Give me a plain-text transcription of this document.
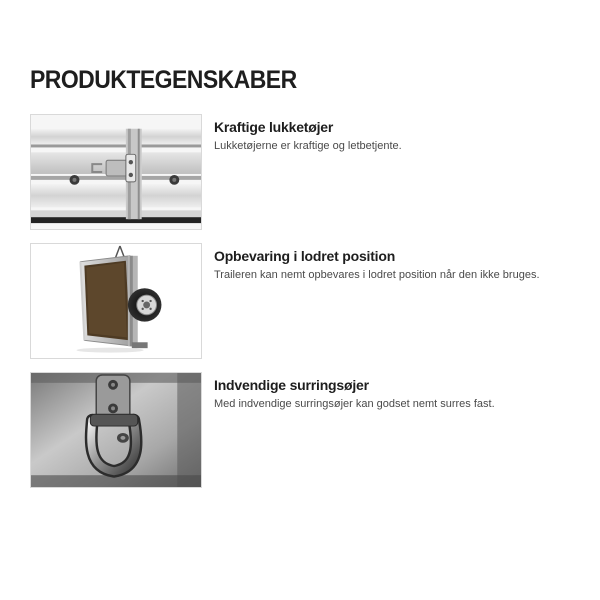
PRODUKTEGENSKABER
Kraftige lukketøjer

Lukketøjerne er kraftige og letbetjente.

Opbevaring i lodret position

Traileren kan nemt opbevares i lodret position når den ikke bruges.

Indvendige surringsøjer

Med indvendige surringsøjer kan godset nemt surres fast.
